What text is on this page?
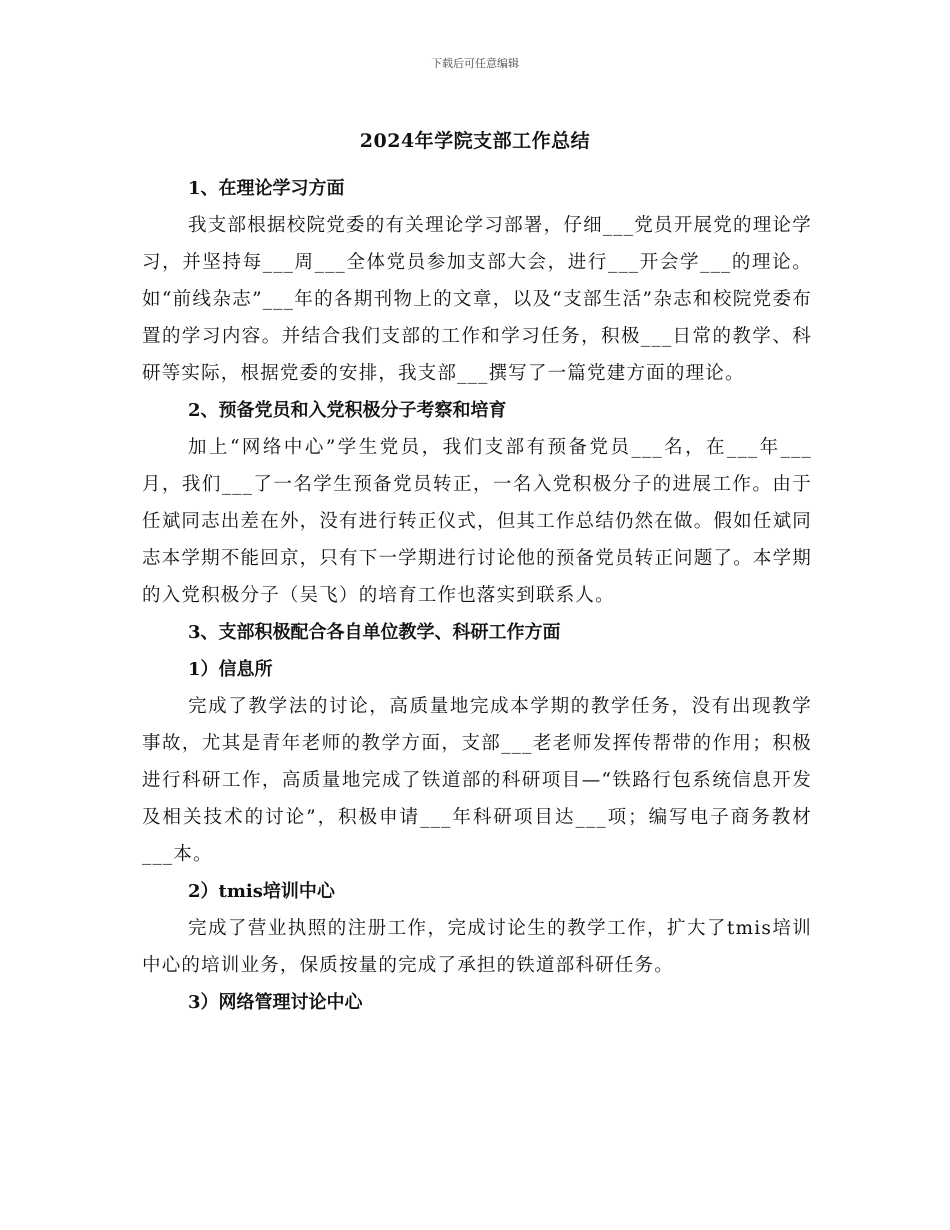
下载后可任意编辑
2024年学院支部工作总结
1、在理论学习方面

我支部根据校院党委的有关理论学习部署，仔细___党员开展党的理论学习，并坚持每___周___全体党员参加支部大会，进行___开会学___的理论。如“前线杂志”___年的各期刊物上的文章，以及“支部生活”杂志和校院党委布置的学习内容。并结合我们支部的工作和学习任务，积极___日常的教学、科研等实际，根据党委的安排，我支部___撰写了一篇党建方面的理论。

2、预备党员和入党积极分子考察和培育

加上“网络中心”学生党员，我们支部有预备党员___名，在___年___月，我们___了一名学生预备党员转正，一名入党积极分子的进展工作。由于任斌同志出差在外，没有进行转正仪式，但其工作总结仍然在做。假如任斌同志本学期不能回京，只有下一学期进行讨论他的预备党员转正问题了。本学期的入党积极分子（吴飞）的培育工作也落实到联系人。

3、支部积极配合各自单位教学、科研工作方面
1）信息所

完成了教学法的讨论，高质量地完成本学期的教学任务，没有出现教学事故，尤其是青年老师的教学方面，支部___老老师发挥传帮带的作用；积极进行科研工作，高质量地完成了铁道部的科研项目—“铁路行包系统信息开发及相关技术的讨论”，积极申请___年科研项目达___项；编写电子商务教材___本。

2）tmis培训中心

完成了营业执照的注册工作，完成讨论生的教学工作，扩大了tmis培训中心的培训业务，保质按量的完成了承担的铁道部科研任务。

3）网络管理讨论中心
